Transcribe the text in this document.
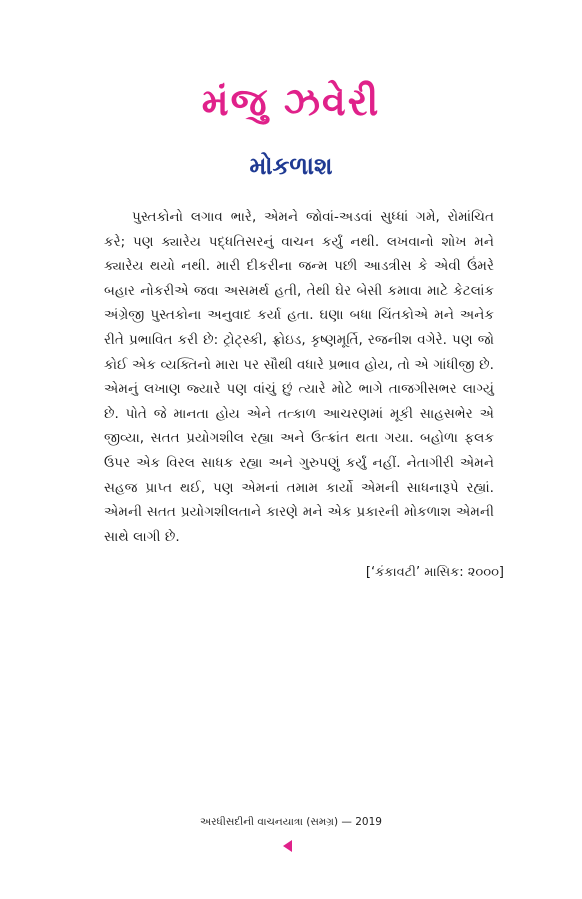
મંજુ ઝવેરી
મોકળાશ

પુસ્તકોનો લગાવ ભારે, એમને જોવાં-અડવાં સુધ્ધાં ગમે, રોમાંચિત કરે; પણ ક્યારેય પદ્ધતિસરનું વાચન કર્યું નથી. લખવાનો શોખ મને ક્યારેય થયો નથી. મારી દીકરીના જન્મ પછી આડત્રીસ કે એવી ઉંમરે બહાર નોકરીએ જવા અસમર્થ હતી, તેથી ઘેર બેસી કમાવા માટે કેટલાંક અંગ્રેજી પુસ્તકોના અનુવાદ કર્યા હતા. ઘણા બધા ચિંતકોએ મને અનેક રીતે પ્રભાવિત કરી છે: ટ્રોટ્સ્કી, ફ્રોઇડ, કૃષ્ણમૂર્તિ, રજનીશ વગેરે. પણ જો કોઈ એક વ્યક્તિનો મારા પર સૌથી વધારે પ્રભાવ હોય, તો એ ગાંધીજી છે. એમનું લખાણ જ્યારે પણ વાંચું છું ત્યારે મોટે ભાગે તાજગીસભર લાગ્યું છે. પોતે જે માનતા હોય એને તત્કાળ આચરણમાં મૂકી સાહસભેર એ જીવ્યા, સતત પ્રયોગશીલ રહ્યા અને ઉત્ક્રાંત થતા ગયા. બહોળા ફલક ઉપર એક વિરલ સાધક રહ્યા અને ગુરુપણું કર્યું નહીં. નેતાગીરી એમને સહજ પ્રાપ્ત થઈ, પણ એમનાં તમામ કાર્યો એમની સાધનારૂપે રહ્યાં. એમની સતત પ્રયોગશીલતાને કારણે મને એક પ્રકારની મોકળાશ એમની સાથે લાગી છે.

[‘કંકાવટી’ માસિક: ૨૦૦૦]
અરધીસદીની વાચનયાત્રા (સમગ્ર) — 2019
